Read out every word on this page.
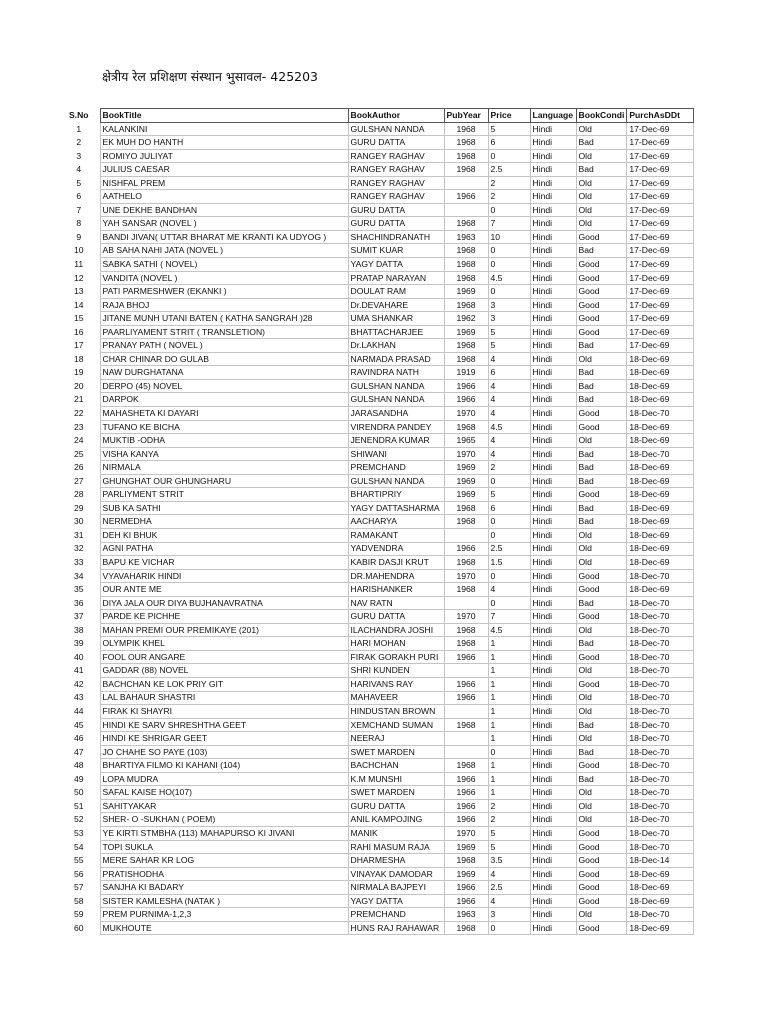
क्षेत्रीय रेल प्रशिक्षण संस्थान भुसावल- 425203
S.No	BookTitle	BookAuthor	PubYear	Price	Language	BookCondi	PurchAsDDt
1	KALANKINI	GULSHAN NANDA	1968	5	Hindi	Old	17-Dec-69
2	EK MUH DO HANTH	GURU DATTA	1968	6	Hindi	Bad	17-Dec-69
3	ROMIYO JULIYAT	RANGEY RAGHAV	1968	0	Hindi	Old	17-Dec-69
4	JULIUS CAESAR	RANGEY RAGHAV	1968	2.5	Hindi	Bad	17-Dec-69
5	NISHFAL PREM	RANGEY RAGHAV		2	Hindi	Old	17-Dec-69
6	AATHELO	RANGEY RAGHAV	1966	2	Hindi	Old	17-Dec-69
7	UNE DEKHE BANDHAN	GURU DATTA		0	Hindi	Old	17-Dec-69
8	YAH SANSAR (NOVEL )	GURU DATTA	1968	7	Hindi	Old	17-Dec-69
9	BANDI JIVAN( UTTAR BHARAT ME KRANTI KA UDYOG )	SHACHINDRANATH	1963	10	Hindi	Good	17-Dec-69
10	AB SAHA NAHI JATA (NOVEL )	SUMIT KUAR	1968	0	Hindi	Bad	17-Dec-69
11	SABKA SATHI ( NOVEL)	YAGY DATTA	1968	0	Hindi	Good	17-Dec-69
12	VANDITA (NOVEL )	PRATAP NARAYAN	1968	4.5	Hindi	Good	17-Dec-69
13	PATI PARMESHWER (EKANKI )	DOULAT RAM	1969	0	Hindi	Good	17-Dec-69
14	RAJA BHOJ	Dr.DEVAHARE	1968	3	Hindi	Good	17-Dec-69
15	JITANE MUNH UTANI BATEN ( KATHA SANGRAH )28	UMA SHANKAR	1962	3	Hindi	Good	17-Dec-69
16	PAARLIYAMENT STRIT ( TRANSLETION)	BHATTACHARJEE	1969	5	Hindi	Good	17-Dec-69
17	PRANAY PATH ( NOVEL )	Dr.LAKHAN	1968	5	Hindi	Bad	17-Dec-69
18	CHAR CHINAR DO GULAB	NARMADA PRASAD	1968	4	Hindi	Old	18-Dec-69
19	NAW DURGHATANA	RAVINDRA NATH	1919	6	Hindi	Bad	18-Dec-69
20	DERPO (45) NOVEL	GULSHAN NANDA	1966	4	Hindi	Bad	18-Dec-69
21	DARPOK	GULSHAN NANDA	1966	4	Hindi	Bad	18-Dec-69
22	MAHASHETA KI DAYARI	JARASANDHA	1970	4	Hindi	Good	18-Dec-70
23	TUFANO KE BICHA	VIRENDRA PANDEY	1968	4.5	Hindi	Good	18-Dec-69
24	MUKTIB -ODHA	JENENDRA KUMAR	1965	4	Hindi	Old	18-Dec-69
25	VISHA KANYA	SHIWANI	1970	4	Hindi	Bad	18-Dec-70
26	NIRMALA	PREMCHAND	1969	2	Hindi	Bad	18-Dec-69
27	GHUNGHAT OUR GHUNGHARU	GULSHAN NANDA	1969	0	Hindi	Bad	18-Dec-69
28	PARLIYMENT STRIT	BHARTIPRIY	1969	5	Hindi	Good	18-Dec-69
29	SUB KA SATHI	YAGY DATTASHARMA	1968	6	Hindi	Bad	18-Dec-69
30	NERMEDHA	AACHARYA	1968	0	Hindi	Bad	18-Dec-69
31	DEH KI BHUK	RAMAKANT		0	Hindi	Old	18-Dec-69
32	AGNI PATHA	YADVENDRA	1966	2.5	Hindi	Old	18-Dec-69
33	BAPU KE VICHAR	KABIR DASJI KRUT	1968	1.5	Hindi	Old	18-Dec-69
34	VYAVAHARIK HINDI	DR.MAHENDRA	1970	0	Hindi	Good	18-Dec-70
35	OUR ANTE ME	HARISHANKER	1968	4	Hindi	Good	18-Dec-69
36	DIYA JALA OUR DIYA BUJHANAVRATNA	NAV RATN		0	Hindi	Bad	18-Dec-70
37	PARDE KE PICHHE	GURU DATTA	1970	7	Hindi	Good	18-Dec-70
38	MAHAN PREMI OUR PREMIKAYE (201)	ILACHANDRA JOSHI	1968	4.5	Hindi	Old	18-Dec-70
39	OLYMPIK KHEL	HARI MOHAN	1968	1	Hindi	Bad	18-Dec-70
40	FOOL OUR ANGARE	FIRAK GORAKH PURI	1966	1	Hindi	Good	18-Dec-70
41	GADDAR (88) NOVEL	SHRI KUNDEN		1	Hindi	Old	18-Dec-70
42	BACHCHAN KE LOK PRIY GIT	HARIVANS RAY	1966	1	Hindi	Good	18-Dec-70
43	LAL BAHAUR SHASTRI	MAHAVEER	1966	1	Hindi	Old	18-Dec-70
44	FIRAK KI SHAYRI	HINDUSTAN BROWN		1	Hindi	Old	18-Dec-70
45	HINDI KE SARV SHRESHTHA GEET	XEMCHAND SUMAN	1968	1	Hindi	Bad	18-Dec-70
46	HINDI KE SHRIGAR GEET	NEERAJ		1	Hindi	Old	18-Dec-70
47	JO CHAHE SO PAYE (103)	SWET MARDEN		0	Hindi	Bad	18-Dec-70
48	BHARTIYA FILMO KI KAHANI (104)	BACHCHAN	1968	1	Hindi	Good	18-Dec-70
49	LOPA MUDRA	K.M MUNSHI	1966	1	Hindi	Bad	18-Dec-70
50	SAFAL KAISE HO(107)	SWET MARDEN	1966	1	Hindi	Old	18-Dec-70
51	SAHITYAKAR	GURU DATTA	1966	2	Hindi	Old	18-Dec-70
52	SHER- O -SUKHAN ( POEM)	ANIL KAMPOJING	1966	2	Hindi	Old	18-Dec-70
53	YE KIRTI STMBHA (113) MAHAPURSO KI JIVANI	MANIK	1970	5	Hindi	Good	18-Dec-70
54	TOPI SUKLA	RAHI MASUM RAJA	1969	5	Hindi	Good	18-Dec-70
55	MERE SAHAR KR LOG	DHARMESHA	1968	3.5	Hindi	Good	18-Dec-14
56	PRATISHODHA	VINAYAK DAMODAR	1969	4	Hindi	Good	18-Dec-69
57	SANJHA KI BADARY	NIRMALA BAJPEYI	1966	2.5	Hindi	Good	18-Dec-69
58	SISTER KAMLESHA (NATAK )	YAGY DATTA	1966	4	Hindi	Good	18-Dec-69
59	PREM PURNIMA-1,2,3	PREMCHAND	1963	3	Hindi	Old	18-Dec-70
60	MUKHOUTE	HUNS RAJ RAHAWAR	1968	0	Hindi	Good	18-Dec-69
